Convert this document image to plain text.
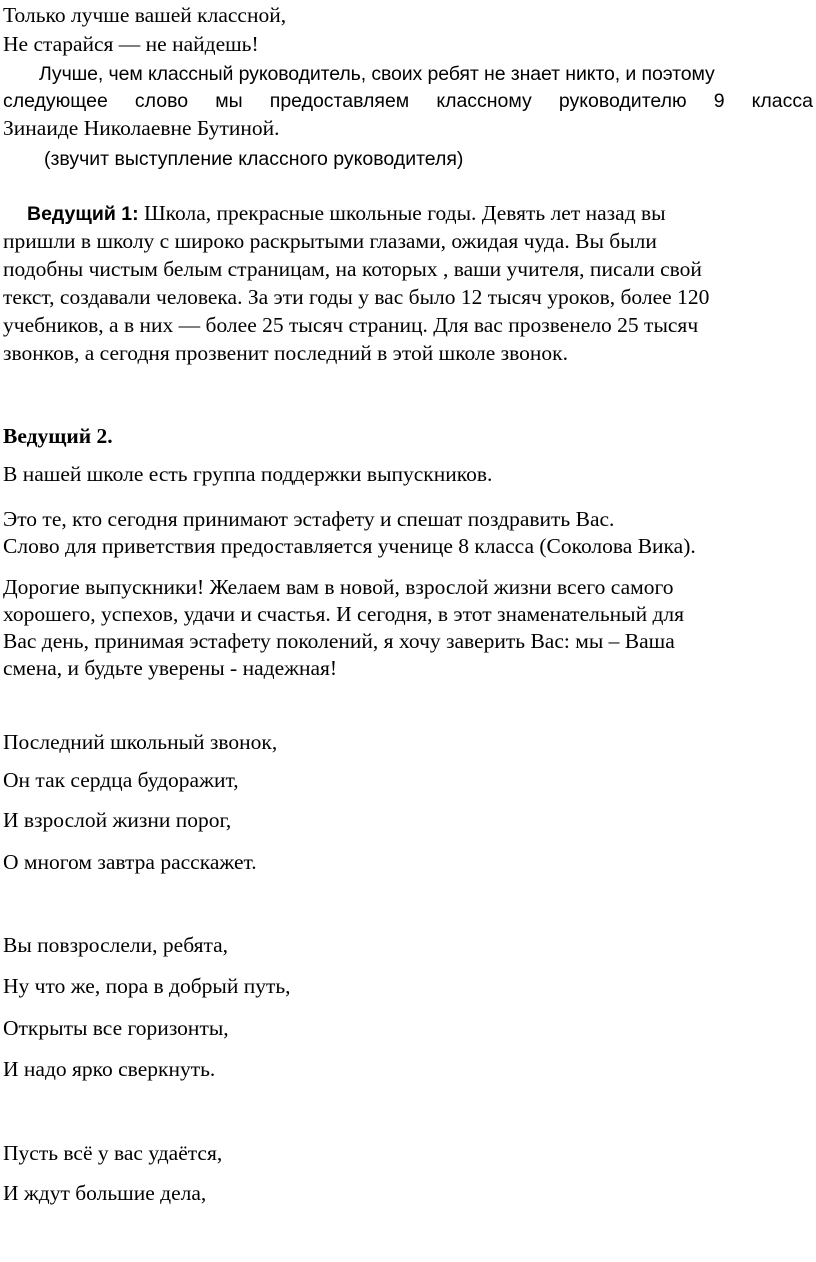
Только лучше вашей классной,
Не старайся — не найдешь!
Лучше, чем классный руководитель, своих ребят не знает никто, и поэтому
следующее слово мы предоставляем классному руководителю 9 класса
Зинаиде Николаевне Бутиной.
(звучит выступление классного руководителя)
Ведущий 1: Школа, прекрасные школьные годы. Девять лет назад вы
пришли в школу с широко раскрытыми глазами, ожидая чуда. Вы были
подобны чистым белым страницам, на которых , ваши учителя, писали свой
текст, создавали человека. За эти годы у вас было 12 тысяч уроков, более 120
учебников, а в них — более 25 тысяч страниц. Для вас прозвенело 25 тысяч
звонков, а сегодня прозвенит последний в этой школе звонок.
Ведущий 2.
В нашей школе есть группа поддержки выпускников.
Это те, кто сегодня принимают эстафету и спешат поздравить Вас.
Слово для приветствия предоставляется ученице 8 класса (Соколова Вика).
Дорогие выпускники! Желаем вам в новой, взрослой жизни всего самого
хорошего, успехов, удачи и счастья. И сегодня, в этот знаменательный для
Вас день, принимая эстафету поколений, я хочу заверить Вас: мы – Ваша
смена, и будьте уверены - надежная!
Последний школьный звонок,
Он так сердца будоражит,
И взрослой жизни порог,
О многом завтра расскажет.
Вы повзрослели, ребята,
Ну что же, пора в добрый путь,
Открыты все горизонты,
И надо ярко сверкнуть.
Пусть всё у вас удаётся,
И ждут большие дела,
